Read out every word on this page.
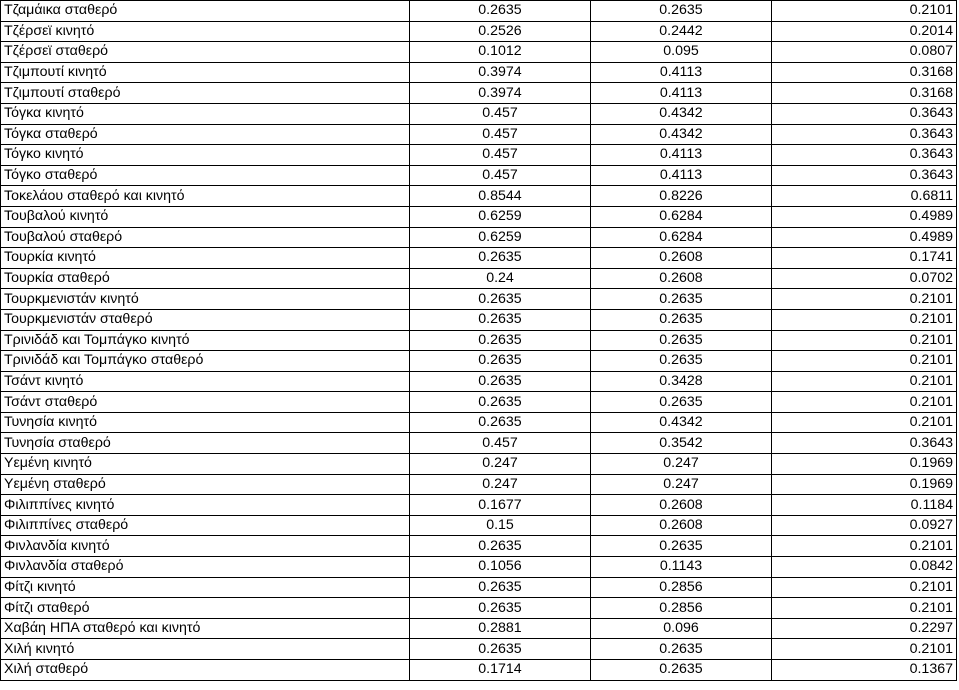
Τζαμάικα σταθερό	0.2635	0.2635	0.2101
Τζέρσεϊ κινητό	0.2526	0.2442	0.2014
Τζέρσεϊ σταθερό	0.1012	0.095	0.0807
Τζιμπουτί κινητό	0.3974	0.4113	0.3168
Τζιμπουτί σταθερό	0.3974	0.4113	0.3168
Τόγκα κινητό	0.457	0.4342	0.3643
Τόγκα σταθερό	0.457	0.4342	0.3643
Τόγκο κινητό	0.457	0.4113	0.3643
Τόγκο σταθερό	0.457	0.4113	0.3643
Τοκελάου σταθερό και κινητό	0.8544	0.8226	0.6811
Τουβαλού κινητό	0.6259	0.6284	0.4989
Τουβαλού σταθερό	0.6259	0.6284	0.4989
Τουρκία κινητό	0.2635	0.2608	0.1741
Τουρκία σταθερό	0.24	0.2608	0.0702
Τουρκμενιστάν κινητό	0.2635	0.2635	0.2101
Τουρκμενιστάν σταθερό	0.2635	0.2635	0.2101
Τρινιδάδ και Τομπάγκο κινητό	0.2635	0.2635	0.2101
Τρινιδάδ και Τομπάγκο σταθερό	0.2635	0.2635	0.2101
Τσάντ κινητό	0.2635	0.3428	0.2101
Τσάντ σταθερό	0.2635	0.2635	0.2101
Τυνησία κινητό	0.2635	0.4342	0.2101
Τυνησία σταθερό	0.457	0.3542	0.3643
Υεμένη κινητό	0.247	0.247	0.1969
Υεμένη σταθερό	0.247	0.247	0.1969
Φιλιππίνες κινητό	0.1677	0.2608	0.1184
Φιλιππίνες σταθερό	0.15	0.2608	0.0927
Φινλανδία κινητό	0.2635	0.2635	0.2101
Φινλανδία σταθερό	0.1056	0.1143	0.0842
Φίτζι κινητό	0.2635	0.2856	0.2101
Φίτζι σταθερό	0.2635	0.2856	0.2101
Χαβάη ΗΠΑ σταθερό και κινητό	0.2881	0.096	0.2297
Χιλή κινητό	0.2635	0.2635	0.2101
Χιλή σταθερό	0.1714	0.2635	0.1367
